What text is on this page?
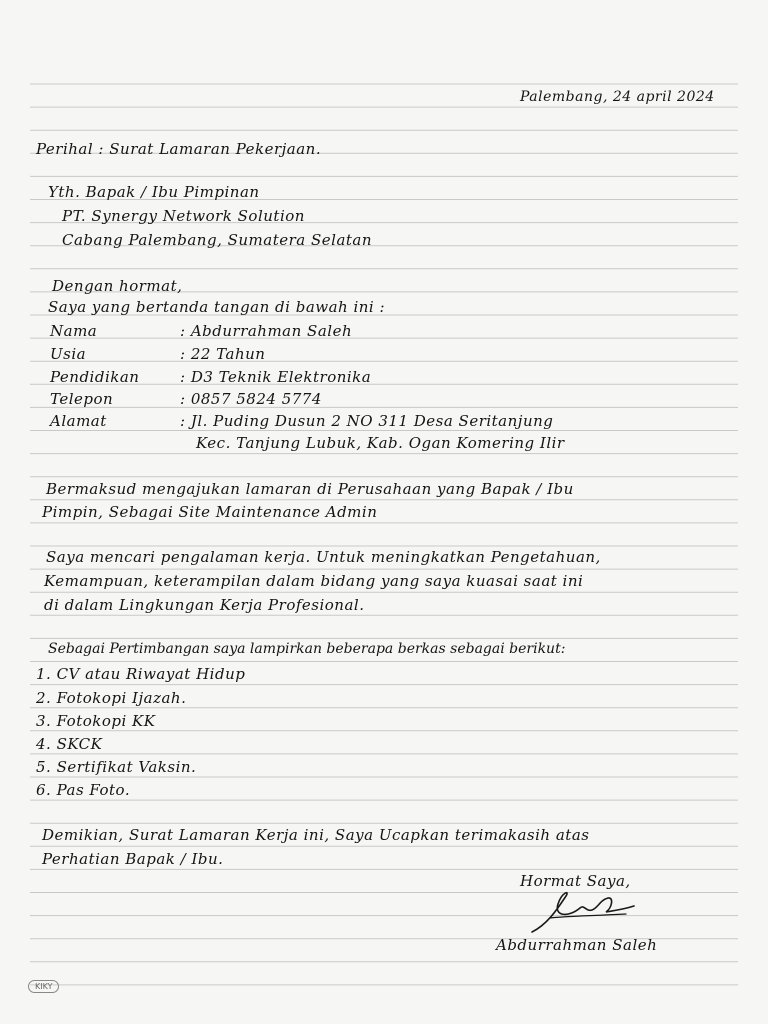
Palembang, 24 april 2024
Perihal : Surat Lamaran Pekerjaan.
Yth. Bapak / Ibu Pimpinan
PT. Synergy Network Solution
Cabang Palembang, Sumatera Selatan
Dengan hormat,
Saya yang bertanda tangan di bawah ini :
Nama	: Abdurrahman Saleh
Usia	: 22 Tahun
Pendidikan	: D3 Teknik Elektronika
Telepon	: 0857 5824 5774
Alamat	: Jl. Puding Dusun 2 NO 311 Desa Seritanjung
Kec. Tanjung Lubuk, Kab. Ogan Komering Ilir
Bermaksud mengajukan lamaran di Perusahaan yang Bapak / Ibu
Pimpin, Sebagai Site Maintenance Admin
Saya mencari pengalaman kerja. Untuk meningkatkan Pengetahuan,
Kemampuan, keterampilan dalam bidang yang saya kuasai saat ini
di dalam Lingkungan Kerja Profesional.
Sebagai Pertimbangan saya lampirkan beberapa berkas sebagai berikut:
1. CV atau Riwayat Hidup
2. Fotokopi Ijazah.
3. Fotokopi KK
4. SKCK
5. Sertifikat Vaksin.
6. Pas Foto.
Demikian, Surat Lamaran Kerja ini, Saya Ucapkan terimakasih atas
Perhatian Bapak / Ibu.
Hormat Saya,
Abdurrahman Saleh
KIKY
